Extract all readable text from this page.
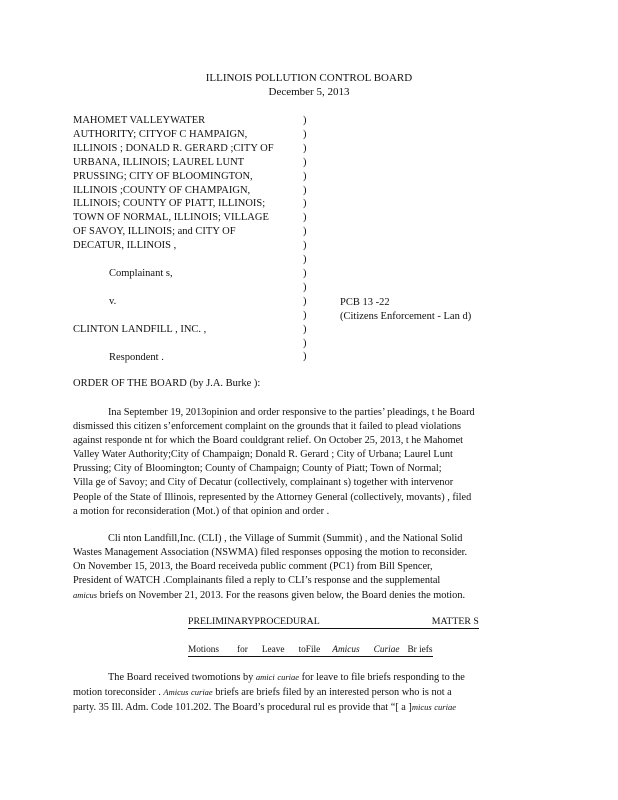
ILLINOIS POLLUTION CONTROL BOARD
December 5, 2013
MAHOMET VALLEYWATER
AUTHORITY; CITYOF C HAMPAIGN,
ILLINOIS ; DONALD R. GERARD ;CITY OF
URBANA, ILLINOIS; LAUREL LUNT
PRUSSING; CITY OF BLOOMINGTON,
ILLINOIS ;COUNTY OF CHAMPAIGN,
ILLINOIS; COUNTY OF PIATT, ILLINOIS;
TOWN OF NORMAL, ILLINOIS; VILLAGE
OF SAVOY, ILLINOIS; and CITY OF
DECATUR, ILLINOIS ,
Complainant s,
v.
CLINTON LANDFILL , INC. ,
Respondent .
)
)
)
)
)
)
)
)
)
)
)
)
)
)
)
)
)
)
PCB 13 -22
(Citizens Enforcement - Lan d)
ORDER OF THE BOARD (by J.A. Burke ):
Ina September 19, 2013opinion and order responsive to the parties’ pleadings, t he Board
dismissed this citizen s’enforcement complaint on the grounds that it failed to plead violations
against responde nt for which the Board couldgrant relief. On October 25, 2013, t he Mahomet
Valley Water Authority;City of Champaign; Donald R. Gerard ; City of Urbana; Laurel Lunt
Prussing; City of Bloomington; County of Champaign; County of Piatt; Town of Normal;
Villa ge of Savoy; and City of Decatur (collectively, complainant s) together with intervenor
People of the State of Illinois, represented by the Attorney General (collectively, movants) , filed
a motion for reconsideration (Mot.) of that opinion and order .
Cli nton Landfill,Inc. (CLI) , the Village of Summit (Summit) , and the National Solid
Wastes Management Association (NSWMA) filed responses opposing the motion to reconsider.
On November 15, 2013, the Board receiveda public comment (PC1) from Bill Spencer,
President of WATCH .Complainants filed a reply to CLI’s response and the supplemental
amicus briefs on November 21, 2013. For the reasons given below, the Board denies the motion.
PRELIMINARYPROCEDURAL	MATTER S
Motions for Leave toFile Amicus Curiae Br iefs
The Board received twomotions by amici curiae for leave to file briefs responding to the
motion toreconsider . Amicus curiae briefs are briefs filed by an interested person who is not a
party. 35 Ill. Adm. Code 101.202. The Board’s procedural rul es provide that “[ a ]micus curiae
